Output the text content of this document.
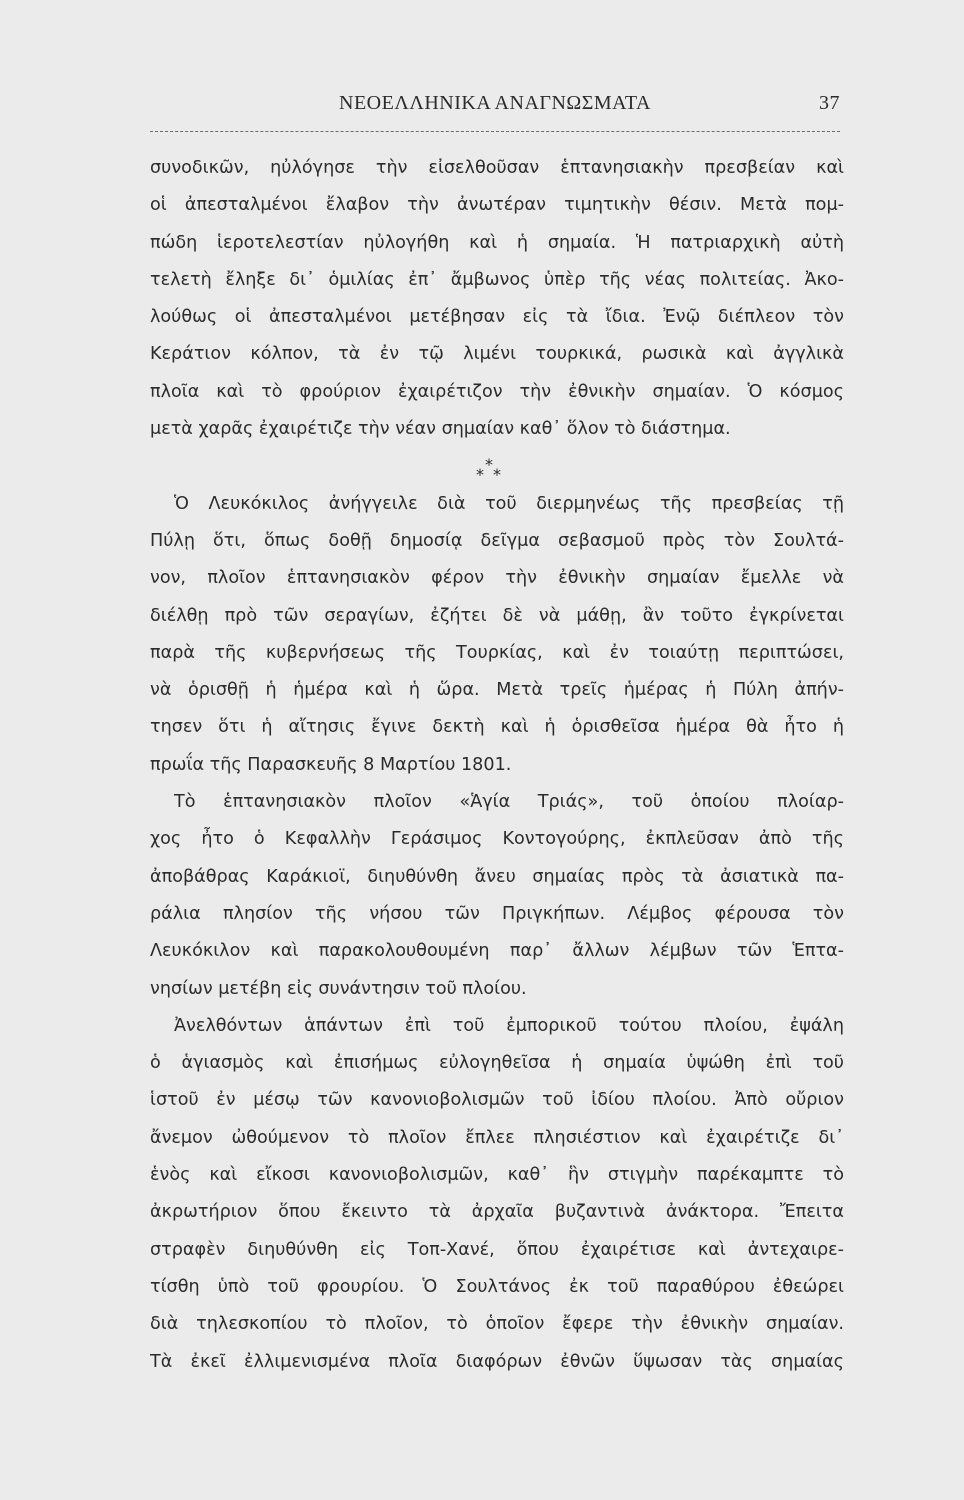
ΝΕΟΕΛΛΗΝΙΚΑ ΑΝΑΓΝΩΣΜΑΤΑ	37
συνοδικῶν, ηὐλόγησε τὴν εἰσελθοῦσαν ἑπτανησιακὴν πρεσβείαν καὶ
οἱ ἀπεσταλμένοι ἔλαβον τὴν ἀνωτέραν τιμητικὴν θέσιν. Μετὰ πομ-
πώδη ἱεροτελεστίαν ηὐλογήθη καὶ ἡ σημαία. Ἡ πατριαρχικὴ αὐτὴ
τελετὴ ἔληξε δι᾽ ὁμιλίας ἐπ᾽ ἄμβωνος ὑπὲρ τῆς νέας πολιτείας. Ἀκο-
λούθως οἱ ἀπεσταλμένοι μετέβησαν εἰς τὰ ἴδια. Ἐνῷ διέπλεον τὸν
Κεράτιον κόλπον, τὰ ἐν τῷ λιμένι τουρκικά, ρωσικὰ καὶ ἀγγλικὰ
πλοῖα καὶ τὸ φρούριον ἐχαιρέτιζον τὴν ἐθνικὴν σημαίαν. Ὁ κόσμος
μετὰ χαρᾶς ἐχαιρέτιζε τὴν νέαν σημαίαν καθ᾽ ὅλον τὸ διάστημα.
*
* *
Ὁ Λευκόκιλος ἀνήγγειλε διὰ τοῦ διερμηνέως τῆς πρεσβείας τῇ
Πύλῃ ὅτι, ὅπως δοθῇ δημοσίᾳ δεῖγμα σεβασμοῦ πρὸς τὸν Σουλτά-
νον, πλοῖον ἑπτανησιακὸν φέρον τὴν ἐθνικὴν σημαίαν ἔμελλε νὰ
διέλθῃ πρὸ τῶν σεραγίων, ἐζήτει δὲ νὰ μάθῃ, ἂν τοῦτο ἐγκρίνεται
παρὰ τῆς κυβερνήσεως τῆς Τουρκίας, καὶ ἐν τοιαύτῃ περιπτώσει,
νὰ ὁρισθῇ ἡ ἡμέρα καὶ ἡ ὥρα. Μετὰ τρεῖς ἡμέρας ἡ Πύλη ἀπήν-
τησεν ὅτι ἡ αἴτησις ἔγινε δεκτὴ καὶ ἡ ὁρισθεῖσα ἡμέρα θὰ ἦτο ἡ
πρωΐα τῆς Παρασκευῆς 8 Μαρτίου 1801.
Τὸ ἑπτανησιακὸν πλοῖον «Ἁγία Τριάς», τοῦ ὁποίου πλοίαρ-
χος ἦτο ὁ Κεφαλλὴν Γεράσιμος Κοντογούρης, ἐκπλεῦσαν ἀπὸ τῆς
ἀποβάθρας Καράκιοϊ, διηυθύνθη ἄνευ σημαίας πρὸς τὰ ἀσιατικὰ πα-
ράλια πλησίον τῆς νήσου τῶν Πριγκήπων. Λέμβος φέρουσα τὸν
Λευκόκιλον καὶ παρακολουθουμένη παρ᾽ ἄλλων λέμβων τῶν Ἑπτα-
νησίων μετέβη εἰς συνάντησιν τοῦ πλοίου.
Ἀνελθόντων ἁπάντων ἐπὶ τοῦ ἐμπορικοῦ τούτου πλοίου, ἐψάλη
ὁ ἁγιασμὸς καὶ ἐπισήμως εὐλογηθεῖσα ἡ σημαία ὑψώθη ἐπὶ τοῦ
ἱστοῦ ἐν μέσῳ τῶν κανονιοβολισμῶν τοῦ ἰδίου πλοίου. Ἀπὸ οὔριον
ἄνεμον ὠθούμενον τὸ πλοῖον ἔπλεε πλησιέστιον καὶ ἐχαιρέτιζε δι᾽
ἑνὸς καὶ εἴκοσι κανονιοβολισμῶν, καθ᾽ ἣν στιγμὴν παρέκαμπτε τὸ
ἀκρωτήριον ὅπου ἔκειντο τὰ ἀρχαῖα βυζαντινὰ ἀνάκτορα. Ἔπειτα
στραφὲν διηυθύνθη εἰς Τοπ-Χανέ, ὅπου ἐχαιρέτισε καὶ ἀντεχαιρε-
τίσθη ὑπὸ τοῦ φρουρίου. Ὁ Σουλτάνος ἐκ τοῦ παραθύρου ἐθεώρει
διὰ τηλεσκοπίου τὸ πλοῖον, τὸ ὁποῖον ἔφερε τὴν ἐθνικὴν σημαίαν.
Τὰ ἐκεῖ ἐλλιμενισμένα πλοῖα διαφόρων ἐθνῶν ὕψωσαν τὰς σημαίας
